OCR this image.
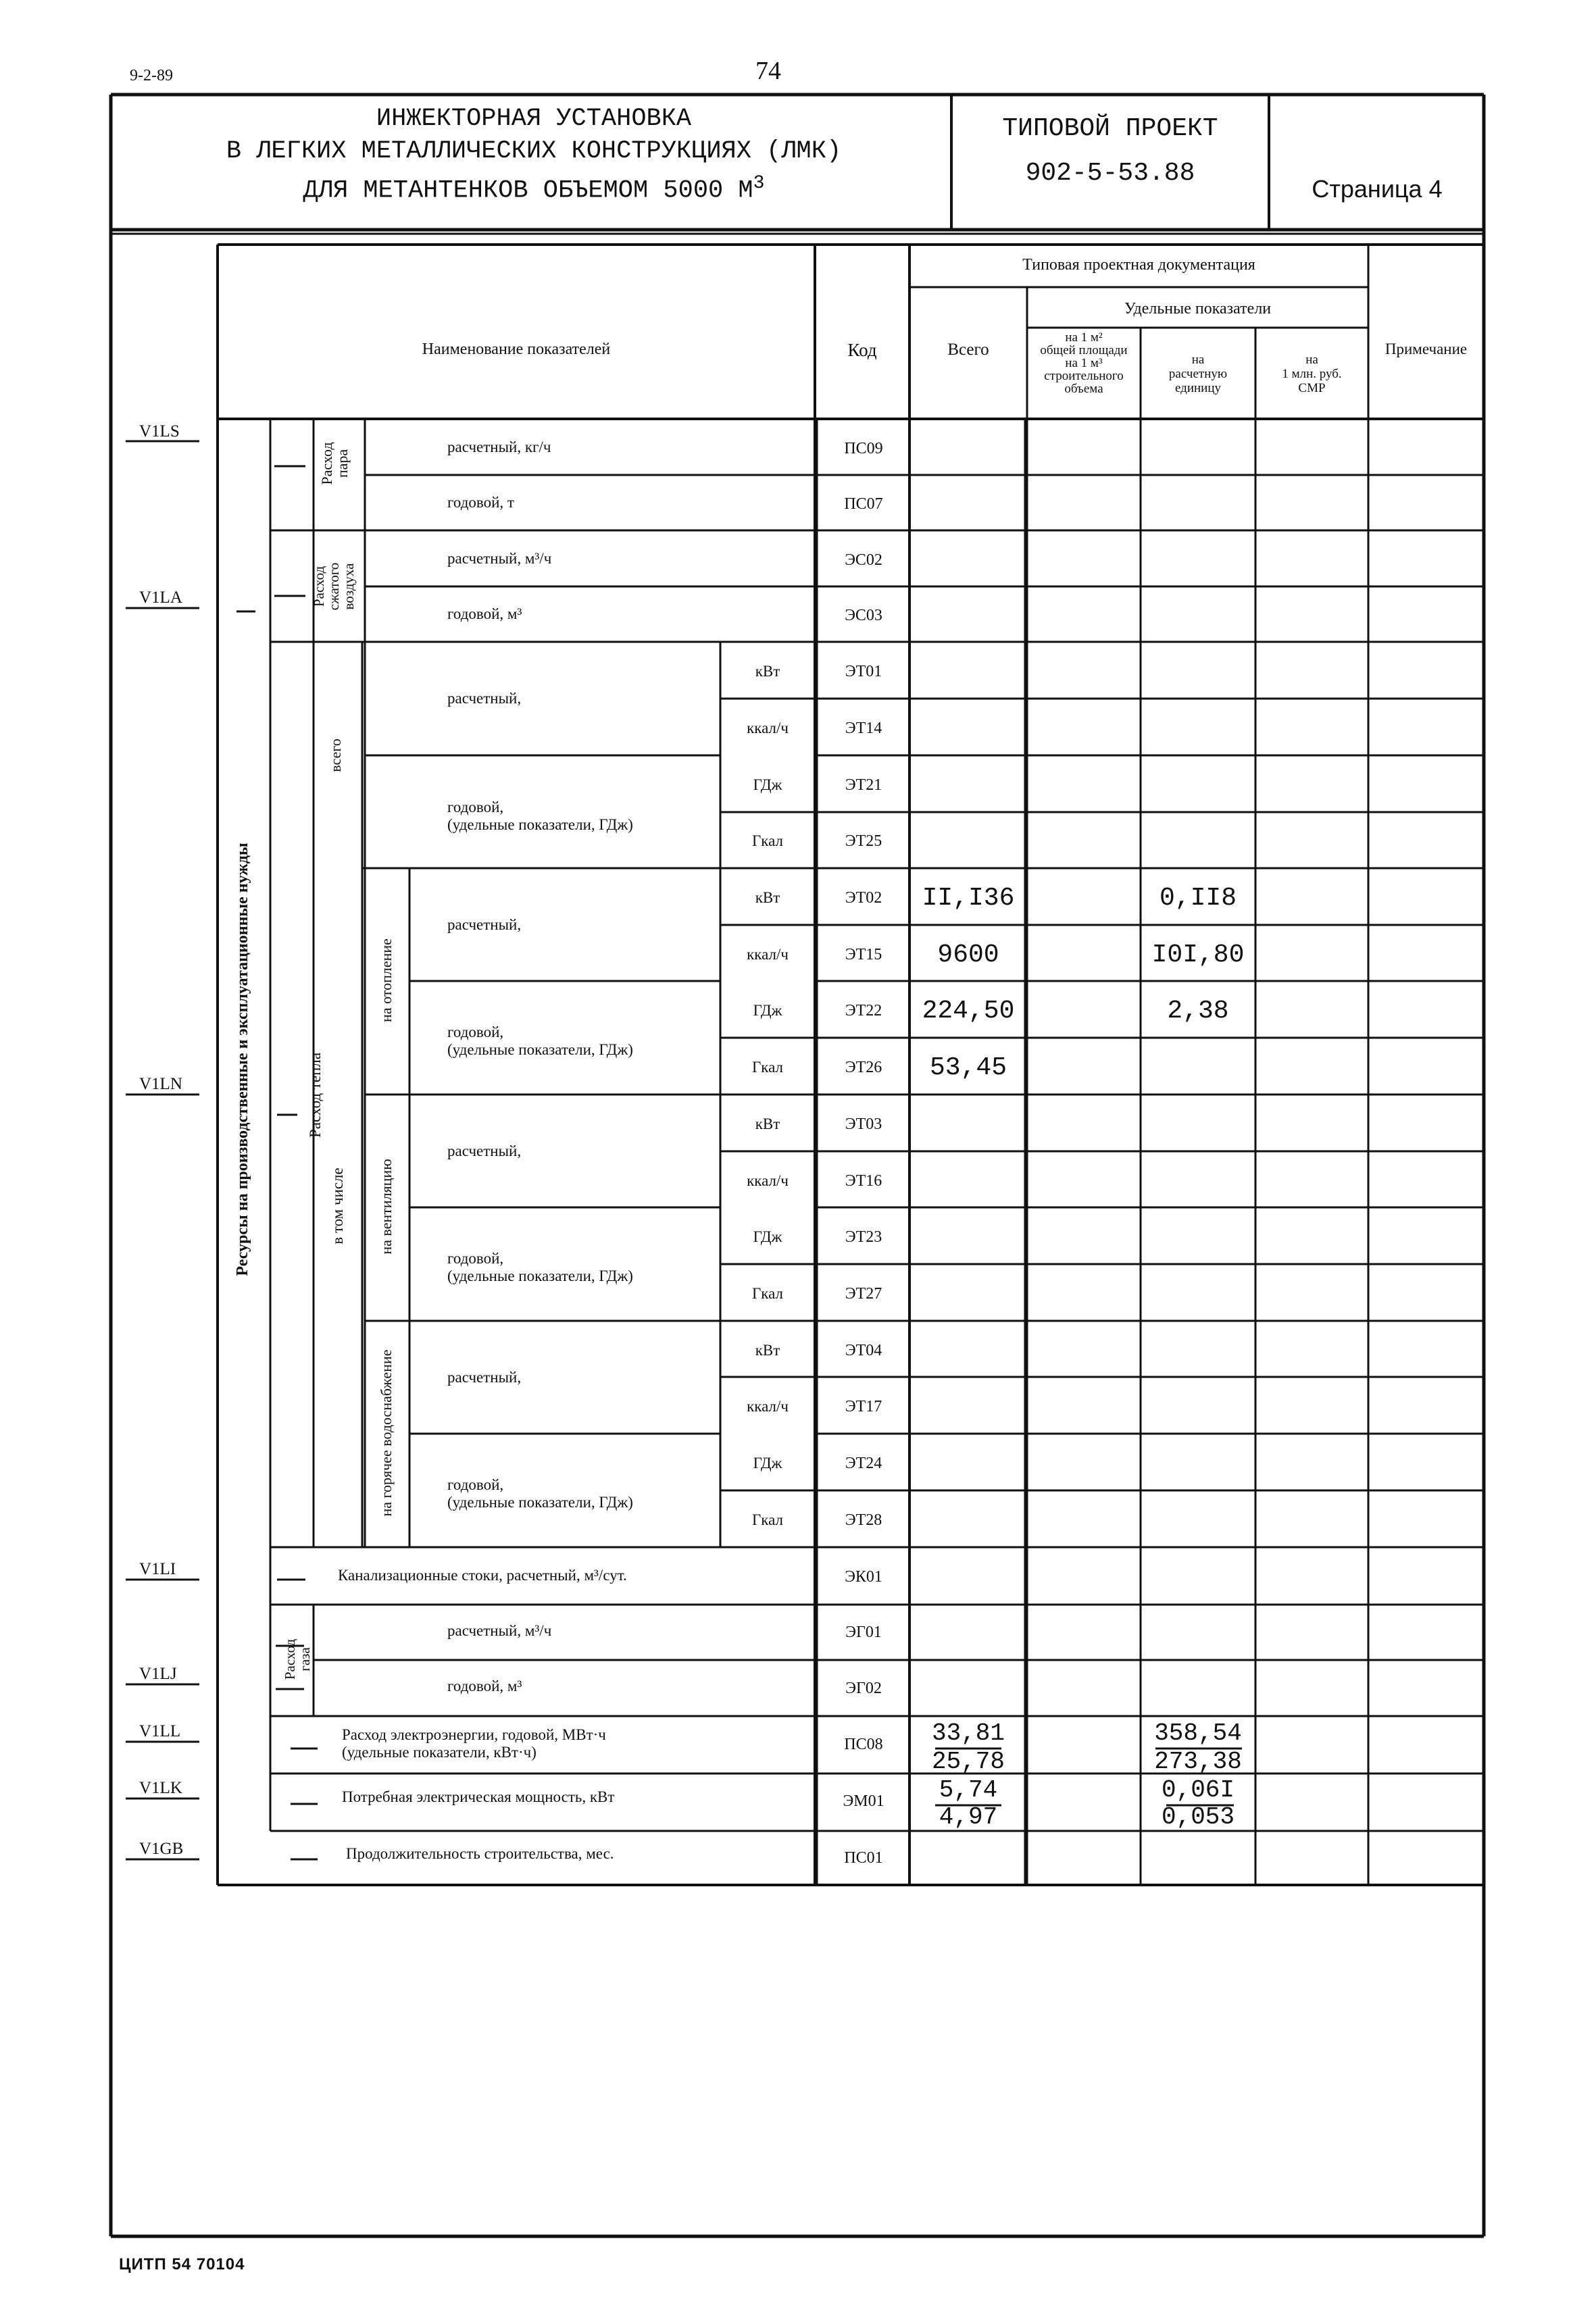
9-2-89	74
ИНЖЕКТОРНАЯ УСТАНОВКА
В ЛЕГКИХ МЕТАЛЛИЧЕСКИХ КОНСТРУКЦИЯХ (ЛМК)
ДЛЯ МЕТАНТЕНКОВ ОБЪЕМОМ 5000 $М^3$
ТИПОВОЙ ПРОЕКТ
902-5-53.88
Страница 4
Наименование показателей	Код
Типовая проектная документация
Всего
Удельные показатели
на 1 м²
общей площади
на 1 м³
строительного
объема
на
расчетную
единицу
на
1 млн. руб.
СМР
Примечание
V1LS
V1LA
V1LN
V1LI
V1LJ
V1LL
V1LK
V1GB
Ресурсы на производственные и эксплуатационные нужды
Расход
пара
Расход
сжатого
воздуха
Расход тепла
всего
в том числе
на отопление
на вентиляцию
на горячее водоснабжение
Расход
газа
расчетный, кг/ч
годовой, т
расчетный, м³/ч
годовой, м³
расчетный,
годовой,
(удельные показатели, ГДж)
расчетный,
годовой,
(удельные показатели, ГДж)
расчетный,
годовой,
(удельные показатели, ГДж)
расчетный,
годовой,
(удельные показатели, ГДж)
Канализационные стоки, расчетный, м³/сут.
расчетный, м³/ч
годовой, м³
Расход электроэнергии, годовой, МВт·ч
(удельные показатели, кВт·ч)
Потребная электрическая мощность, кВт
Продолжительность строительства, мес.
кВт
ккал/ч
ГДж
Гкал
кВт
ккал/ч
ГДж
Гкал
кВт
ккал/ч
ГДж
Гкал
кВт
ккал/ч
ГДж
Гкал
ПС09
ПС07
ЭС02
ЭС03
ЭТ01
ЭТ14
ЭТ21
ЭТ25
ЭТ02
ЭТ15
ЭТ22
ЭТ26
ЭТ03
ЭТ16
ЭТ23
ЭТ27
ЭТ04
ЭТ17
ЭТ24
ЭТ28
ЭК01
ЭГ01
ЭГ02
ПС08
ЭМ01
ПС01
II,I36
9600
224,50
53,45
33,81
25,78
5,74
4,97
0,II8
I0I,80
2,38
358,54
273,38
0,06I
0,053
ЦИТП 54 70104
